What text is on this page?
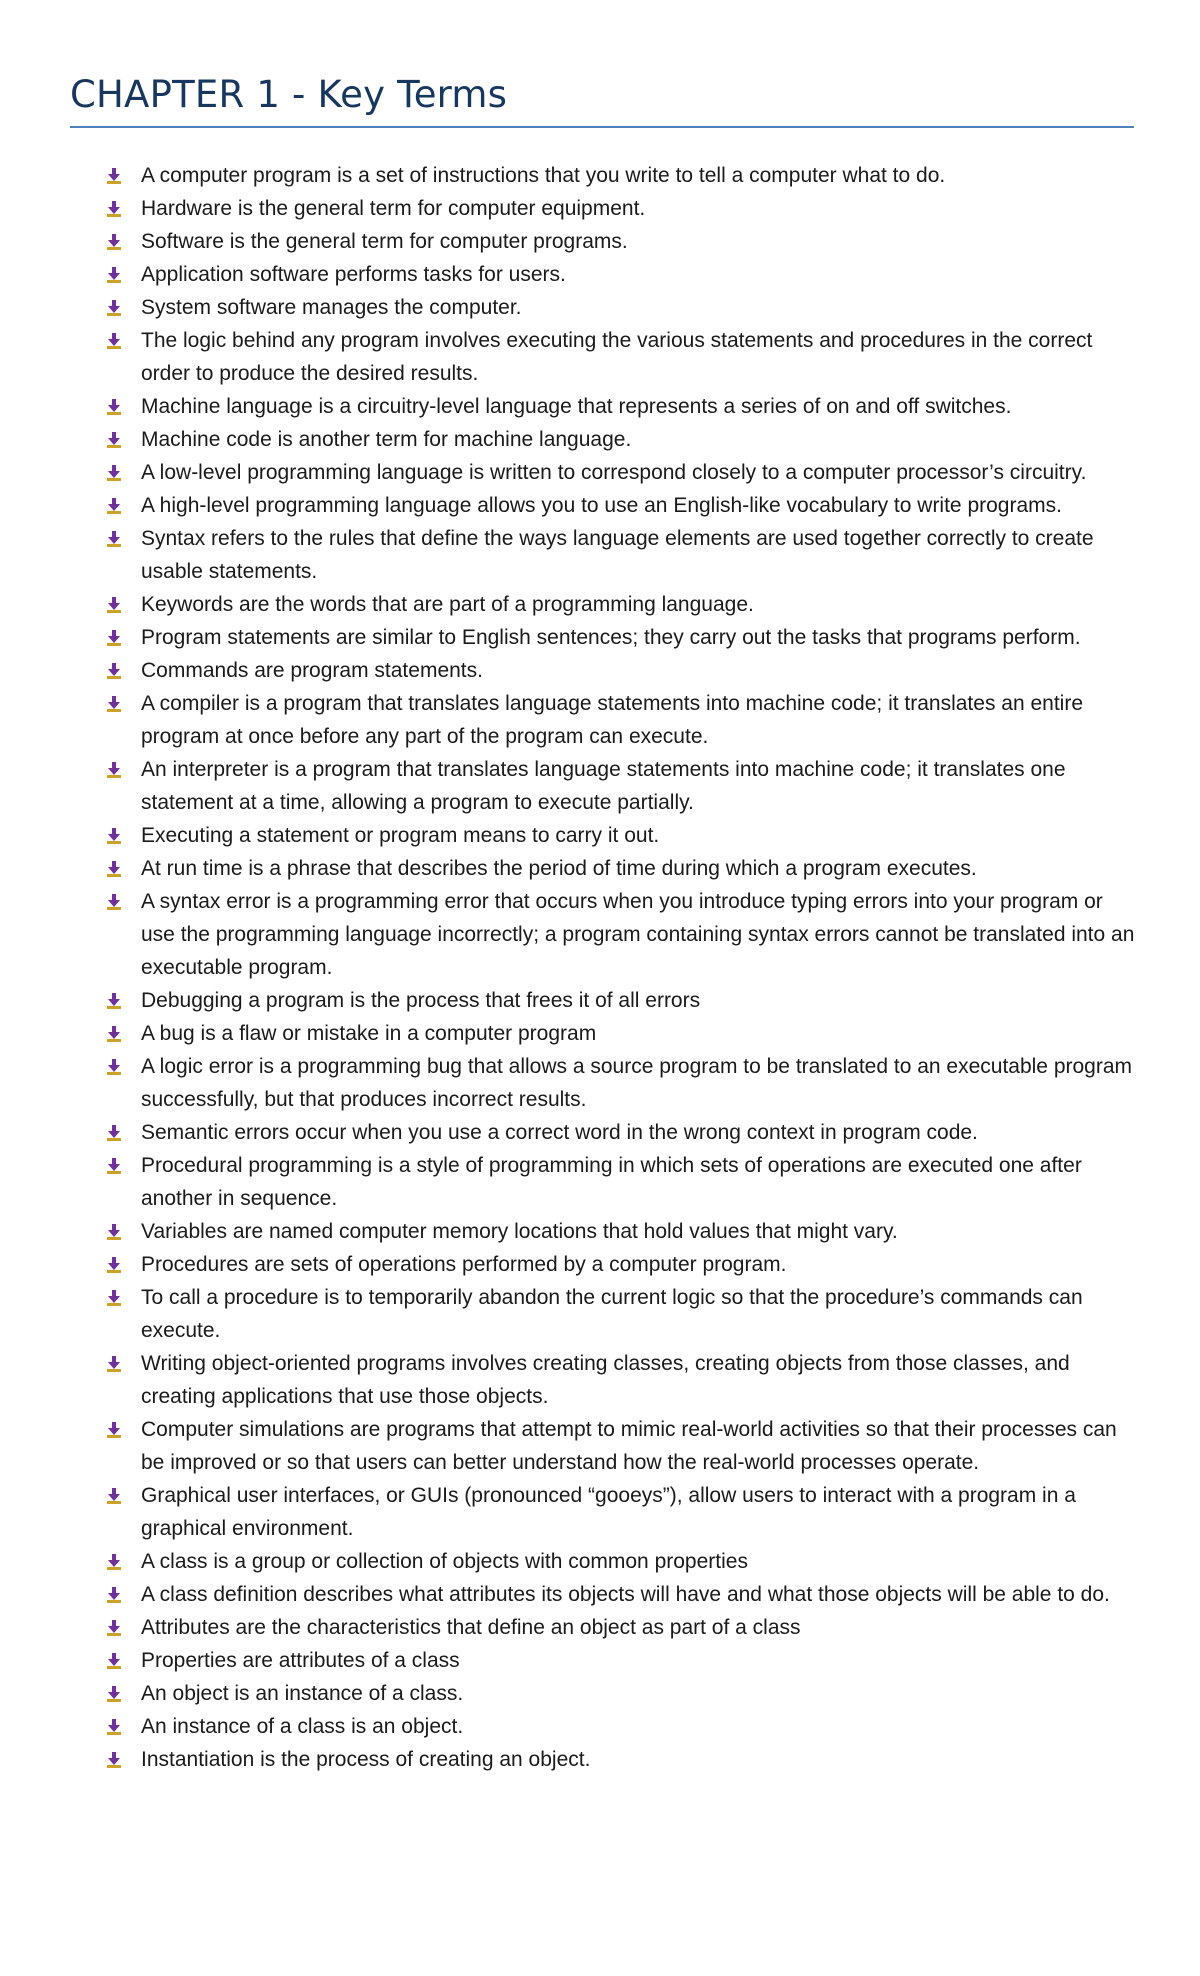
CHAPTER 1 - Key Terms
A computer program is a set of instructions that you write to tell a computer what to do.
Hardware is the general term for computer equipment.
Software is the general term for computer programs.
Application software performs tasks for users.
System software manages the computer.
The logic behind any program involves executing the various statements and procedures in the correct order to produce the desired results.
Machine language is a circuitry-level language that represents a series of on and off switches.
Machine code is another term for machine language.
A low-level programming language is written to correspond closely to a computer processor’s circuitry.
A high-level programming language allows you to use an English-like vocabulary to write programs.
Syntax refers to the rules that define the ways language elements are used together correctly to create usable statements.
Keywords are the words that are part of a programming language.
Program statements are similar to English sentences; they carry out the tasks that programs perform.
Commands are program statements.
A compiler is a program that translates language statements into machine code; it translates an entire program at once before any part of the program can execute.
An interpreter is a program that translates language statements into machine code; it translates one statement at a time, allowing a program to execute partially.
Executing a statement or program means to carry it out.
At run time is a phrase that describes the period of time during which a program executes.
A syntax error is a programming error that occurs when you introduce typing errors into your program or use the programming language incorrectly; a program containing syntax errors cannot be translated into an executable program.
Debugging a program is the process that frees it of all errors
A bug is a flaw or mistake in a computer program
A logic error is a programming bug that allows a source program to be translated to an executable program successfully, but that produces incorrect results.
Semantic errors occur when you use a correct word in the wrong context in program code.
Procedural programming is a style of programming in which sets of operations are executed one after another in sequence.
Variables are named computer memory locations that hold values that might vary.
Procedures are sets of operations performed by a computer program.
To call a procedure is to temporarily abandon the current logic so that the procedure’s commands can execute.
Writing object-oriented programs involves creating classes, creating objects from those classes, and creating applications that use those objects.
Computer simulations are programs that attempt to mimic real-world activities so that their processes can be improved or so that users can better understand how the real-world processes operate.
Graphical user interfaces, or GUIs (pronounced “gooeys”), allow users to interact with a program in a graphical environment.
A class is a group or collection of objects with common properties
A class definition describes what attributes its objects will have and what those objects will be able to do.
Attributes are the characteristics that define an object as part of a class
Properties are attributes of a class
An object is an instance of a class.
An instance of a class is an object.
Instantiation is the process of creating an object.
